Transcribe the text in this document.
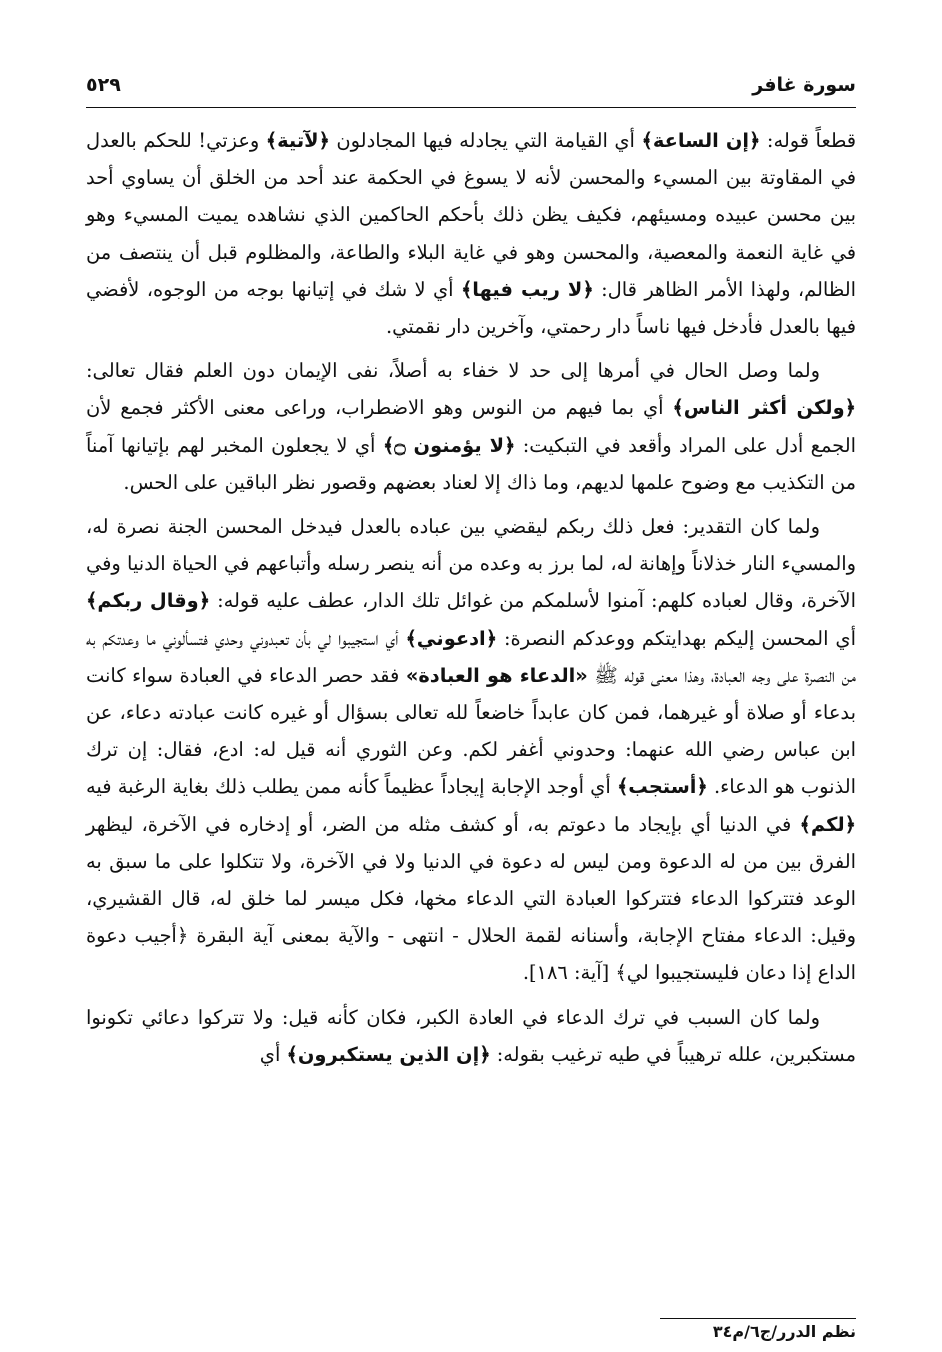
سورة غافر
٥٢٩

قطعاً قوله: ﴿إن الساعة﴾ أي القيامة التي يجادله فيها المجادلون ﴿لآتية﴾ وعزتي! للحكم بالعدل في المقاوتة بين المسيء والمحسن لأنه لا يسوغ في الحكمة عند أحد من الخلق أن يساوي أحد بين محسن عبيده ومسيئهم، فكيف يظن ذلك بأحكم الحاكمين الذي نشاهده يميت المسيء وهو في غاية النعمة والمعصية، والمحسن وهو في غاية البلاء والطاعة، والمظلوم قبل أن ينتصف من الظالم، ولهذا الأمر الظاهر قال: ﴿لا ريب فيها﴾ أي لا شك في إتيانها بوجه من الوجوه، لأفضي فيها بالعدل فأدخل فيها ناساً دار رحمتي، وآخرين دار نقمتي.

ولما وصل الحال في أمرها إلى حد لا خفاء به أصلاً، نفى الإيمان دون العلم فقال تعالى: ﴿ولكن أكثر الناس﴾ أي بما فيهم من النوس وهو الاضطراب، وراعى معنى الأكثر فجمع لأن الجمع أدل على المراد وأقعد في التبكيت: ﴿لا يؤمنون ۝﴾ أي لا يجعلون المخبر لهم بإتيانها آمناً من التكذيب مع وضوح علمها لديهم، وما ذاك إلا لعناد بعضهم وقصور نظر الباقين على الحس.

ولما كان التقدير: فعل ذلك ربكم ليقضي بين عباده بالعدل فيدخل المحسن الجنة نصرة له، والمسيء النار خذلاناً وإهانة له، لما برز به وعده من أنه ينصر رسله وأتباعهم في الحياة الدنيا وفي الآخرة، وقال لعباده كلهم: آمنوا لأسلمكم من غوائل تلك الدار، عطف عليه قوله: ﴿وقال ربكم﴾ أي المحسن إليكم بهدايتكم ووعدكم النصرة: ﴿ادعوني﴾ أي استجيبوا لي بأن تعبدوني وحدي فتسألوني ما وعدتكم به من النصرة على وجه العبادة، وهذا معنى قوله ﷺ «الدعاء هو العبادة» فقد حصر الدعاء في العبادة سواء كانت بدعاء أو صلاة أو غيرهما، فمن كان عابداً خاضعاً لله تعالى بسؤال أو غيره كانت عبادته دعاء، عن ابن عباس رضي الله عنهما: وحدوني أغفر لكم. وعن الثوري أنه قيل له: ادع، فقال: إن ترك الذنوب هو الدعاء. ﴿أستجب﴾ أي أوجد الإجابة إيجاداً عظيماً كأنه ممن يطلب ذلك بغاية الرغبة فيه ﴿لكم﴾ في الدنيا أي بإيجاد ما دعوتم به، أو كشف مثله من الضر، أو إدخاره في الآخرة، ليظهر الفرق بين من له الدعوة ومن ليس له دعوة في الدنيا ولا في الآخرة، ولا تتكلوا على ما سبق به الوعد فتتركوا الدعاء فتتركوا العبادة التي الدعاء مخها، فكل ميسر لما خلق له، قال القشيري، وقيل: الدعاء مفتاح الإجابة، وأسنانه لقمة الحلال - انتهى - والآية بمعنى آية البقرة ﴿أجيب دعوة الداع إذا دعان فليستجيبوا لي﴾ [آية: ١٨٦].

ولما كان السبب في ترك الدعاء في العادة الكبر، فكان كأنه قيل: ولا تتركوا دعائي تكونوا مستكبرين، علله ترهيباً في طيه ترغيب بقوله: ﴿إن الذين يستكبرون﴾ أي

نظم الدرر/ج٦/م٣٤
